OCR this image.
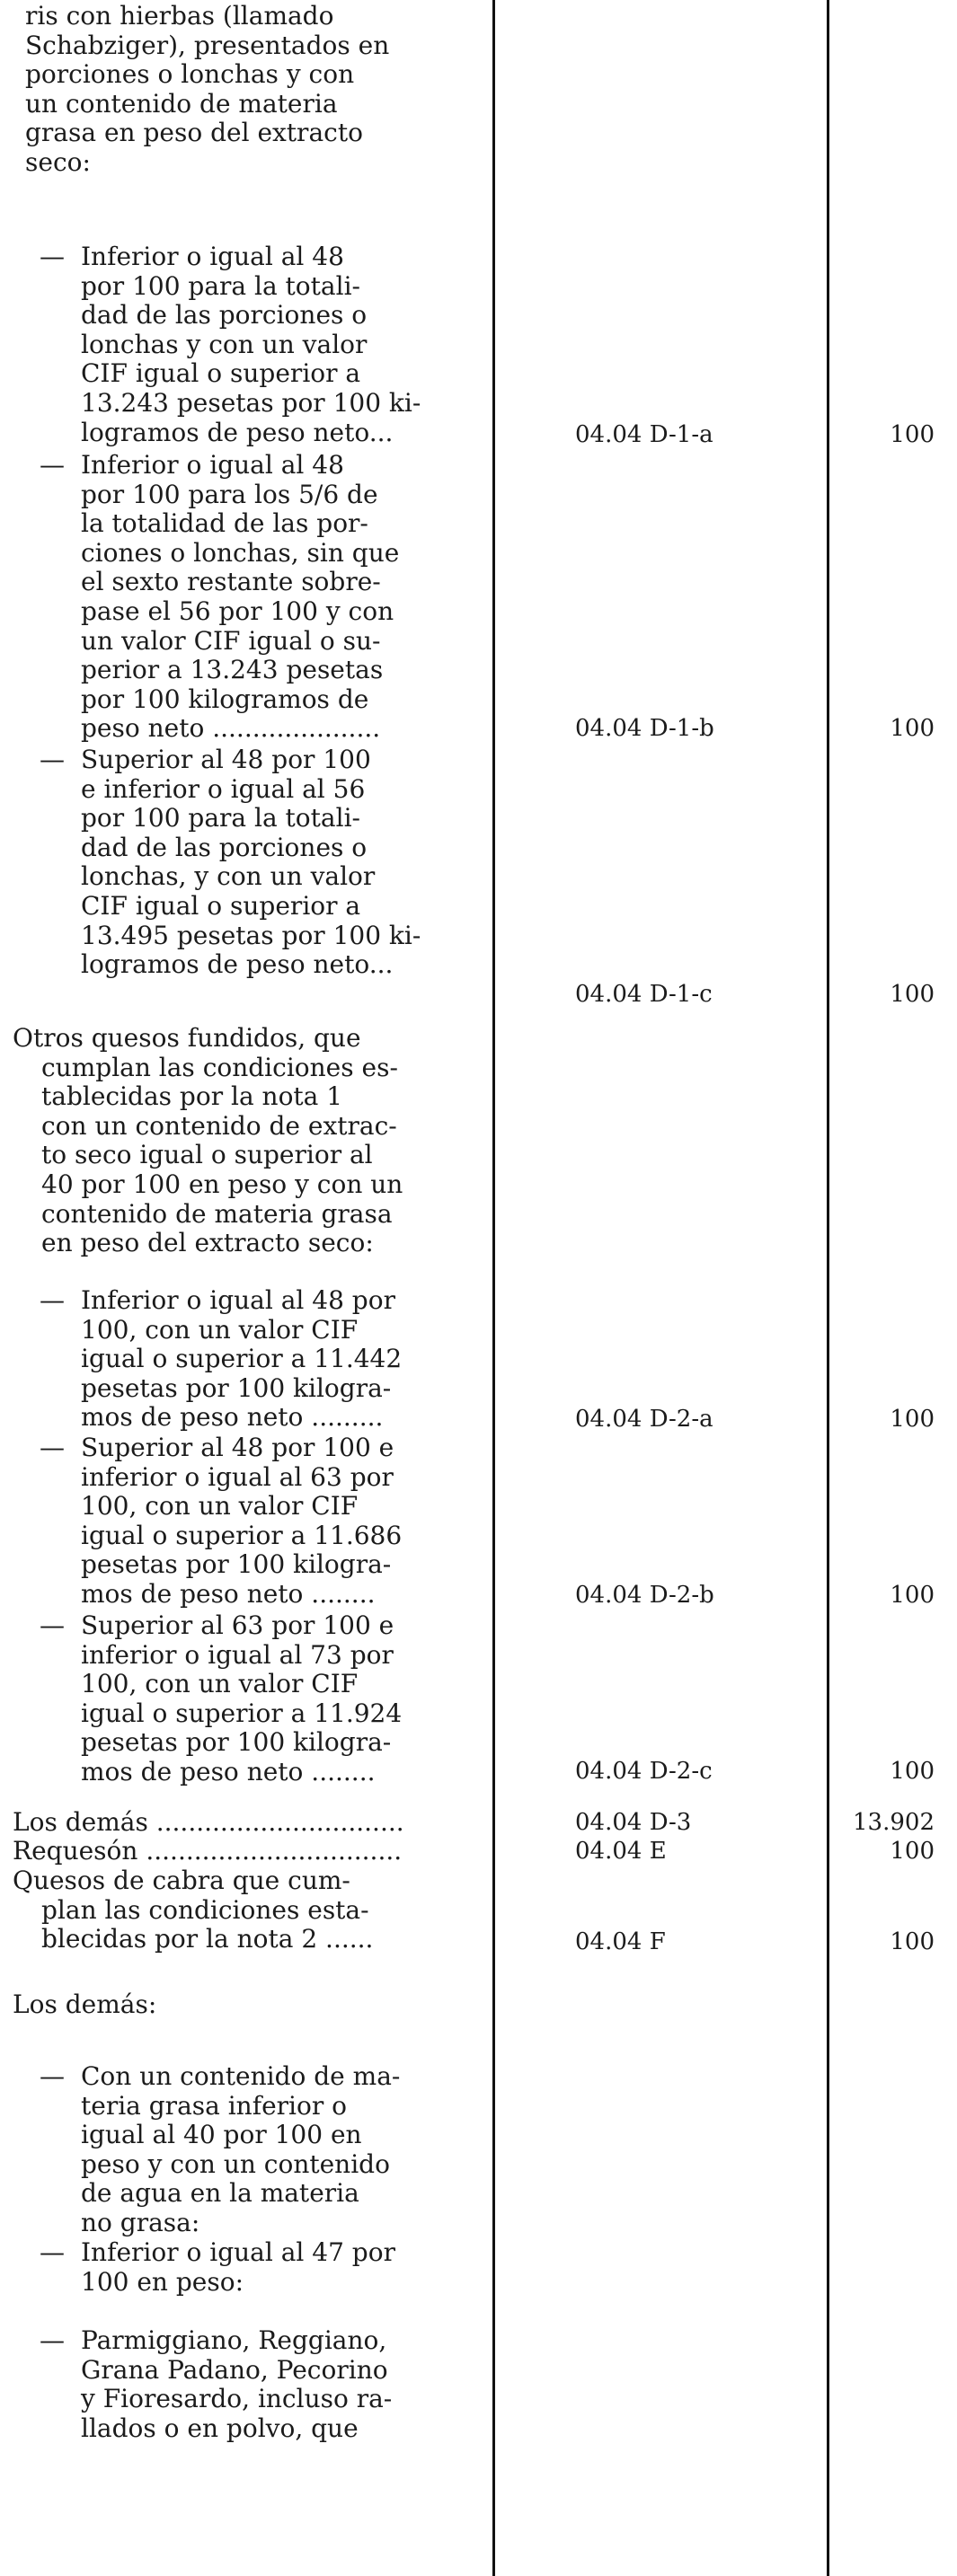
ris con hierbas (llamado
Schabziger), presentados en
porciones o lonchas y con
un contenido de materia
grasa en peso del extracto
seco:
— Inferior o igual al 48
por 100 para la totali-
dad de las porciones o
lonchas y con un valor
CIF igual o superior a
13.243 pesetas por 100 ki-
logramos de peso neto...	04.04 D-1-a	100
— Inferior o igual al 48
por 100 para los 5/6 de
la totalidad de las por-
ciones o lonchas, sin que
el sexto restante sobre-
pase el 56 por 100 y con
un valor CIF igual o su-
perior a 13.243 pesetas
por 100 kilogramos de
peso neto .....................	04.04 D-1-b	100
— Superior al 48 por 100
e inferior o igual al 56
por 100 para la totali-
dad de las porciones o
lonchas, y con un valor
CIF igual o superior a
13.495 pesetas por 100 ki-
logramos de peso neto...
04.04 D-1-c	100
Otros quesos fundidos, que
cumplan las condiciones es-
tablecidas por la nota 1
con un contenido de extrac-
to seco igual o superior al
40 por 100 en peso y con un
contenido de materia grasa
en peso del extracto seco:
— Inferior o igual al 48 por
100, con un valor CIF
igual o superior a 11.442
pesetas por 100 kilogra-
mos de peso neto .........	04.04 D-2-a	100
— Superior al 48 por 100 e
inferior o igual al 63 por
100, con un valor CIF
igual o superior a 11.686
pesetas por 100 kilogra-
mos de peso neto ........	04.04 D-2-b	100
— Superior al 63 por 100 e
inferior o igual al 73 por
100, con un valor CIF
igual o superior a 11.924
pesetas por 100 kilogra-
mos de peso neto ........	04.04 D-2-c	100
Los demás ...............................	04.04 D-3	13.902
Requesón ................................	04.04 E	100
Quesos de cabra que cum-
plan las condiciones esta-
blecidas por la nota 2 ......	04.04 F	100
Los demás:
— Con un contenido de ma-
teria grasa inferior o
igual al 40 por 100 en
peso y con un contenido
de agua en la materia
no grasa:
— Inferior o igual al 47 por
100 en peso:
— Parmiggiano, Reggiano,
Grana Padano, Pecorino
y Fioresardo, incluso ra-
llados o en polvo, que
